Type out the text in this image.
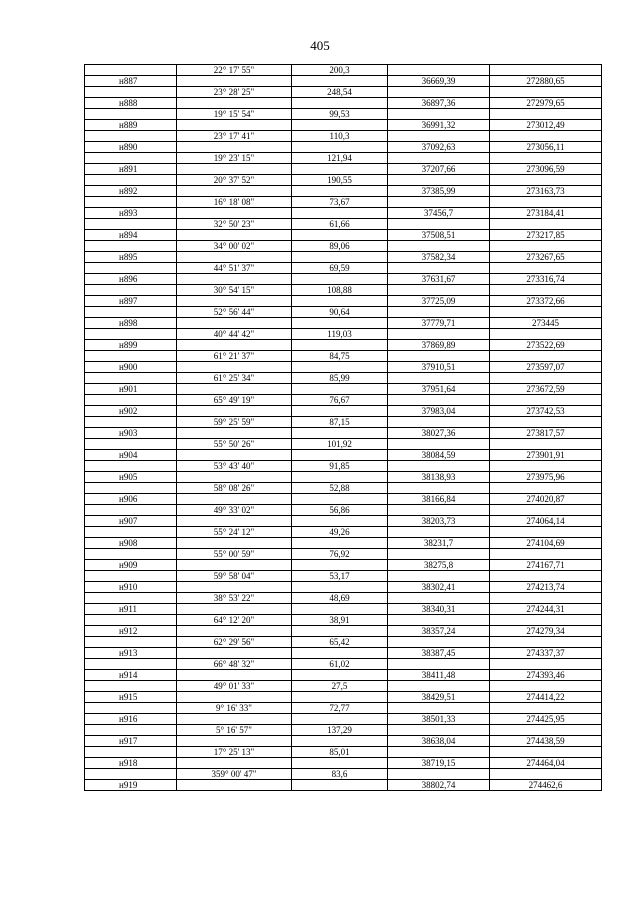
405
	22° 17' 55"	200,3		
н887			36669,39	272880,65
	23° 28' 25"	248,54		
н888			36897,36	272979,65
	19° 15' 54"	99,53		
н889			36991,32	273012,49
	23° 17' 41"	110,3		
н890			37092,63	273056,11
	19° 23' 15"	121,94		
н891			37207,66	273096,59
	20° 37' 52"	190,55		
н892			37385,99	273163,73
	16° 18' 08"	73,67		
н893			37456,7	273184,41
	32° 50' 23"	61,66		
н894			37508,51	273217,85
	34° 00' 02"	89,06		
н895			37582,34	273267,65
	44° 51' 37"	69,59		
н896			37631,67	273316,74
	30° 54' 15"	108,88		
н897			37725,09	273372,66
	52° 56' 44"	90,64		
н898			37779,71	273445
	40° 44' 42"	119,03		
н899			37869,89	273522,69
	61° 21' 37"	84,75		
н900			37910,51	273597,07
	61° 25' 34"	85,99		
н901			37951,64	273672,59
	65° 49' 19"	76,67		
н902			37983,04	273742,53
	59° 25' 59"	87,15		
н903			38027,36	273817,57
	55° 50' 26"	101,92		
н904			38084,59	273901,91
	53° 43' 40"	91,85		
н905			38138,93	273975,96
	58° 08' 26"	52,88		
н906			38166,84	274020,87
	49° 33' 02"	56,86		
н907			38203,73	274064,14
	55° 24' 12"	49,26		
н908			38231,7	274104,69
	55° 00' 59"	76,92		
н909			38275,8	274167,71
	59° 58' 04"	53,17		
н910			38302,41	274213,74
	38° 53' 22"	48,69		
н911			38340,31	274244,31
	64° 12' 20"	38,91		
н912			38357,24	274279,34
	62° 29' 56"	65,42		
н913			38387,45	274337,37
	66° 48' 32"	61,02		
н914			38411,48	274393,46
	49° 01' 33"	27,5		
н915			38429,51	274414,22
	9° 16' 33"	72,77		
н916			38501,33	274425,95
	5° 16' 57"	137,29		
н917			38638,04	274438,59
	17° 25' 13"	85,01		
н918			38719,15	274464,04
	359° 00' 47"	83,6		
н919			38802,74	274462,6
